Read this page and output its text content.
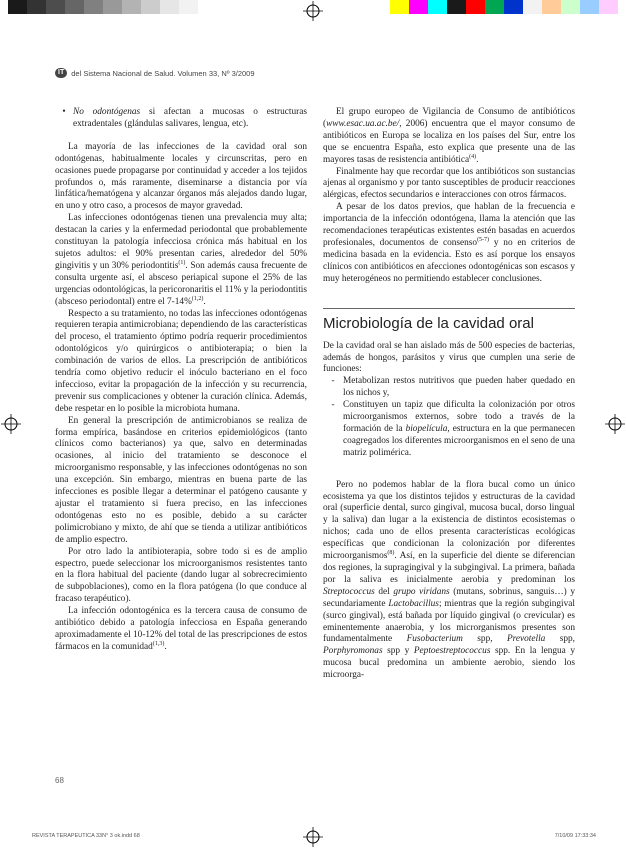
IT del Sistema Nacional de Salud. Volumen 33, Nº 3/2009
• No odontógenas si afectan a mucosas o estructuras extradentales (glándulas salivares, lengua, etc).

La mayoría de las infecciones de la cavidad oral son odontógenas, habitualmente locales y circunscritas, pero en ocasiones puede propagarse por continuidad y acceder a los tejidos profundos o, más raramente, diseminarse a distancia por vía linfática/hematógena y alcanzar órganos más alejados dando lugar, en uno y otro caso, a procesos de mayor gravedad.

Las infecciones odontógenas tienen una prevalencia muy alta; destacan la caries y la enfermedad periodontal que probablemente constituyan la patología infecciosa crónica más habitual en los sujetos adultos: el 90% presentan caries, alrededor del 50% gingivitis y un 30% periodontitis$^{(1)}$. Son además causa frecuente de consulta urgente así, el absceso periapical supone el 25% de las urgencias odontológicas, la pericoronaritis el 11% y la periodontitis (absceso periodontal) entre el 7-14%$^{(1,2)}$.

Respecto a su tratamiento, no todas las infecciones odontógenas requieren terapia antimicrobiana; dependiendo de las características del proceso, el tratamiento óptimo podría requerir procedimientos odontológicos y/o quirúrgicos o antibioterapia; o bien la combinación de varios de ellos. La prescripción de antibióticos tendría como objetivo reducir el inóculo bacteriano en el foco infeccioso, evitar la propagación de la infección y su recurrencia, prevenir sus complicaciones y obtener la curación clínica. Además, debe respetar en lo posible la microbiota humana.

En general la prescripción de antimicrobianos se realiza de forma empírica, basándose en criterios epidemiológicos (tanto clínicos como bacterianos) ya que, salvo en determinadas ocasiones, al inicio del tratamiento se desconoce el microorganismo responsable, y las infecciones odontógenas no son una excepción. Sin embargo, mientras en buena parte de las infecciones es posible llegar a determinar el patógeno causante y ajustar el tratamiento si fuera preciso, en las infecciones odontógenas esto no es posible, debido a su carácter polimicrobiano y mixto, de ahí que se tienda a utilizar antibióticos de amplio espectro.

Por otro lado la antibioterapia, sobre todo si es de amplio espectro, puede seleccionar los microorganismos resistentes tanto en la flora habitual del paciente (dando lugar al sobrecrecimiento de subpoblaciones), como en la flora patógena (lo que conduce al fracaso terapéutico).

La infección odontogénica es la tercera causa de consumo de antibiótico debido a patología infecciosa en España generando aproximadamente el 10-12% del total de las prescripciones de estos fármacos en la comunidad$^{(1,3)}$.

El grupo europeo de Vigilancia de Consumo de antibióticos (www.esac.ua.ac.be/, 2006) encuentra que el mayor consumo de antibióticos en Europa se localiza en los países del Sur, entre los que se encuentra España, esto explica que presente una de las mayores tasas de resistencia antibiótica$^{(4)}$.

Finalmente hay que recordar que los antibióticos son sustancias ajenas al organismo y por tanto susceptibles de producir reacciones alérgicas, efectos secundarios e interacciones con otros fármacos.

A pesar de los datos previos, que hablan de la frecuencia e importancia de la infección odontógena, llama la atención que las recomendaciones terapéuticas existentes estén basadas en acuerdos profesionales, documentos de consenso$^{(5-7)}$ y no en criterios de medicina basada en la evidencia. Esto es así porque los ensayos clínicos con antibióticos en afecciones odontogénicas son escasos y muy heterogéneos no permitiendo establecer conclusiones.

Microbiología de la cavidad oral

De la cavidad oral se han aislado más de 500 especies de bacterias, además de hongos, parásitos y virus que cumplen una serie de funciones:

- Metabolizan restos nutritivos que pueden haber quedado en los nichos y,
- Constituyen un tapiz que dificulta la colonización por otros microorganismos externos, sobre todo a través de la formación de la biopelícula, estructura en la que permanecen coagregados los diferentes microorganismos en el seno de una matriz polimérica.

Pero no podemos hablar de la flora bucal como un único ecosistema ya que los distintos tejidos y estructuras de la cavidad oral (superficie dental, surco gingival, mucosa bucal, dorso lingual y la saliva) dan lugar a la existencia de distintos ecosistemas o nichos; cada uno de ellos presenta características ecológicas específicas que condicionan la colonización por diferentes microorganismos$^{(8)}$. Así, en la superficie del diente se diferencian dos regiones, la supragingival y la subgingival. La primera, bañada por la saliva es inicialmente aerobia y predominan los Streptococcus del grupo viridans (mutans, sobrinus, sanguis…) y secundariamente Lactobacillus; mientras que la región subgingival (surco gingival), está bañada por líquido gingival (o crevicular) es eminentemente anaerobia, y los microrganismos presentes son fundamentalmente Fusobacterium spp, Prevotella spp, Porphyromonas spp y Peptoestreptococcus spp. En la lengua y mucosa bucal predomina un ambiente aerobio, siendo los microorga-

68
REVISTA TERAPEUTICA 33N° 3 ok.indd 68	7/10/09 17:33:34
